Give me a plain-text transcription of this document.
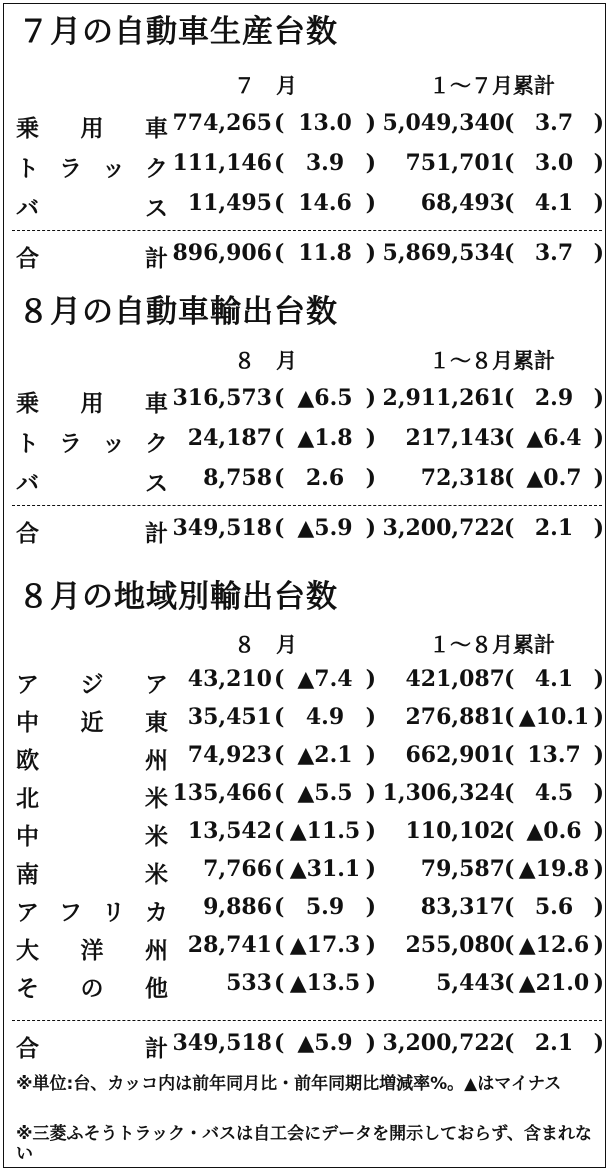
７月の自動車生産台数
７　月	１～７月累計
乗 用 車 774,265 ( 13.0 ) 5,049,340 ( 3.7 )
ト ラ ッ ク 111,146 ( 3.9 ) 751,701 ( 3.0 )
バ	ス 11,495 ( 14.6 ) 68,493 ( 4.1 )
合	計 896,906 ( 11.8 ) 5,869,534 ( 3.7 )
８月の自動車輸出台数
８　月	１～８月累計
乗 用 車 316,573 ( ▲6.5 ) 2,911,261 ( 2.9 )
ト ラ ッ ク 24,187 ( ▲1.8 ) 217,143 ( ▲6.4 )
バ	ス 8,758 ( 2.6 ) 72,318 ( ▲0.7 )
合	計 349,518 ( ▲5.9 ) 3,200,722 ( 2.1 )
８月の地域別輸出台数
８　月	１～８月累計
ア ジ ア 43,210 ( ▲7.4 ) 421,087 ( 4.1 )
中 近 東 35,451 ( 4.9 ) 276,881 ( ▲10.1 )
欧	州 74,923 ( ▲2.1 ) 662,901 ( 13.7 )
北	米 135,466 ( ▲5.5 ) 1,306,324 ( 4.5 )
中	米 13,542 ( ▲11.5 ) 110,102 ( ▲0.6 )
南	米 7,766 ( ▲31.1 ) 79,587 ( ▲19.8 )
ア フ リ カ 9,886 ( 5.9 ) 83,317 ( 5.6 )
大 洋 州 28,741 ( ▲17.3 ) 255,080 ( ▲12.6 )
そ の 他	533 ( ▲13.5 )	5,443 ( ▲21.0 )
合	計 349,518 ( ▲5.9 ) 3,200,722 ( 2.1 )
※単位:台、カッコ内は前年同月比・前年同期比増減率%。▲はマイナス
※三菱ふそうトラック・バスは自工会にデータを開示しておらず、含まれない
